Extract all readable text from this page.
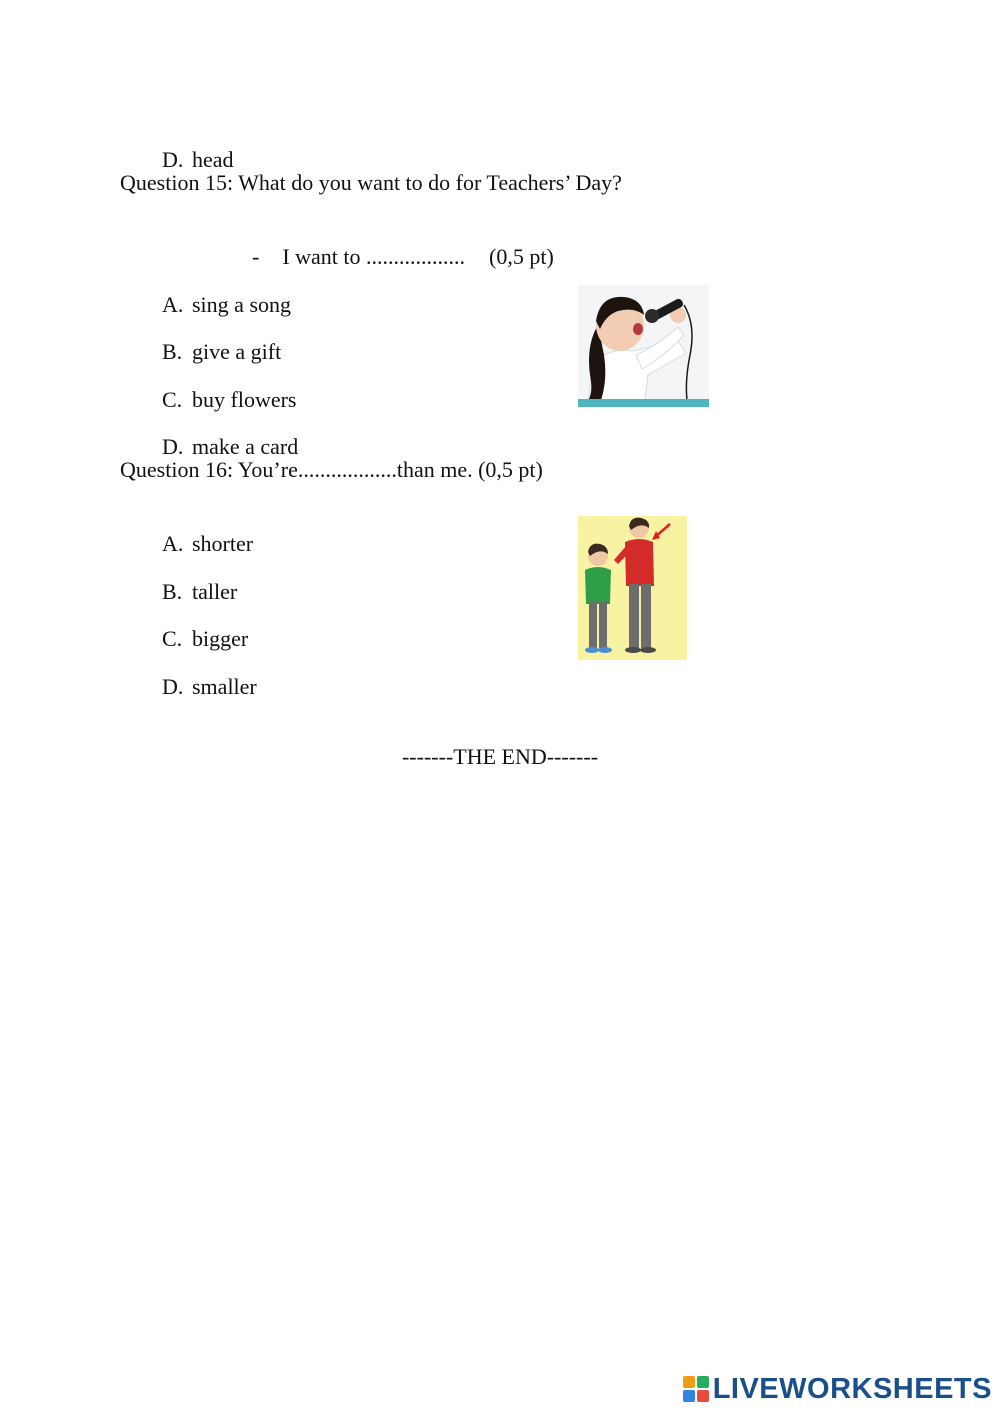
D. head

Question 15: What do you want to do for Teachers’ Day?

- I want to .................. (0,5 pt)

A. sing a song

B. give a gift

C. buy flowers

D. make a card

Question 16: You’re..................than me. (0,5 pt)

A. shorter

B. taller

C. bigger

D. smaller

-------THE END-------
LIVEWORKSHEETS
